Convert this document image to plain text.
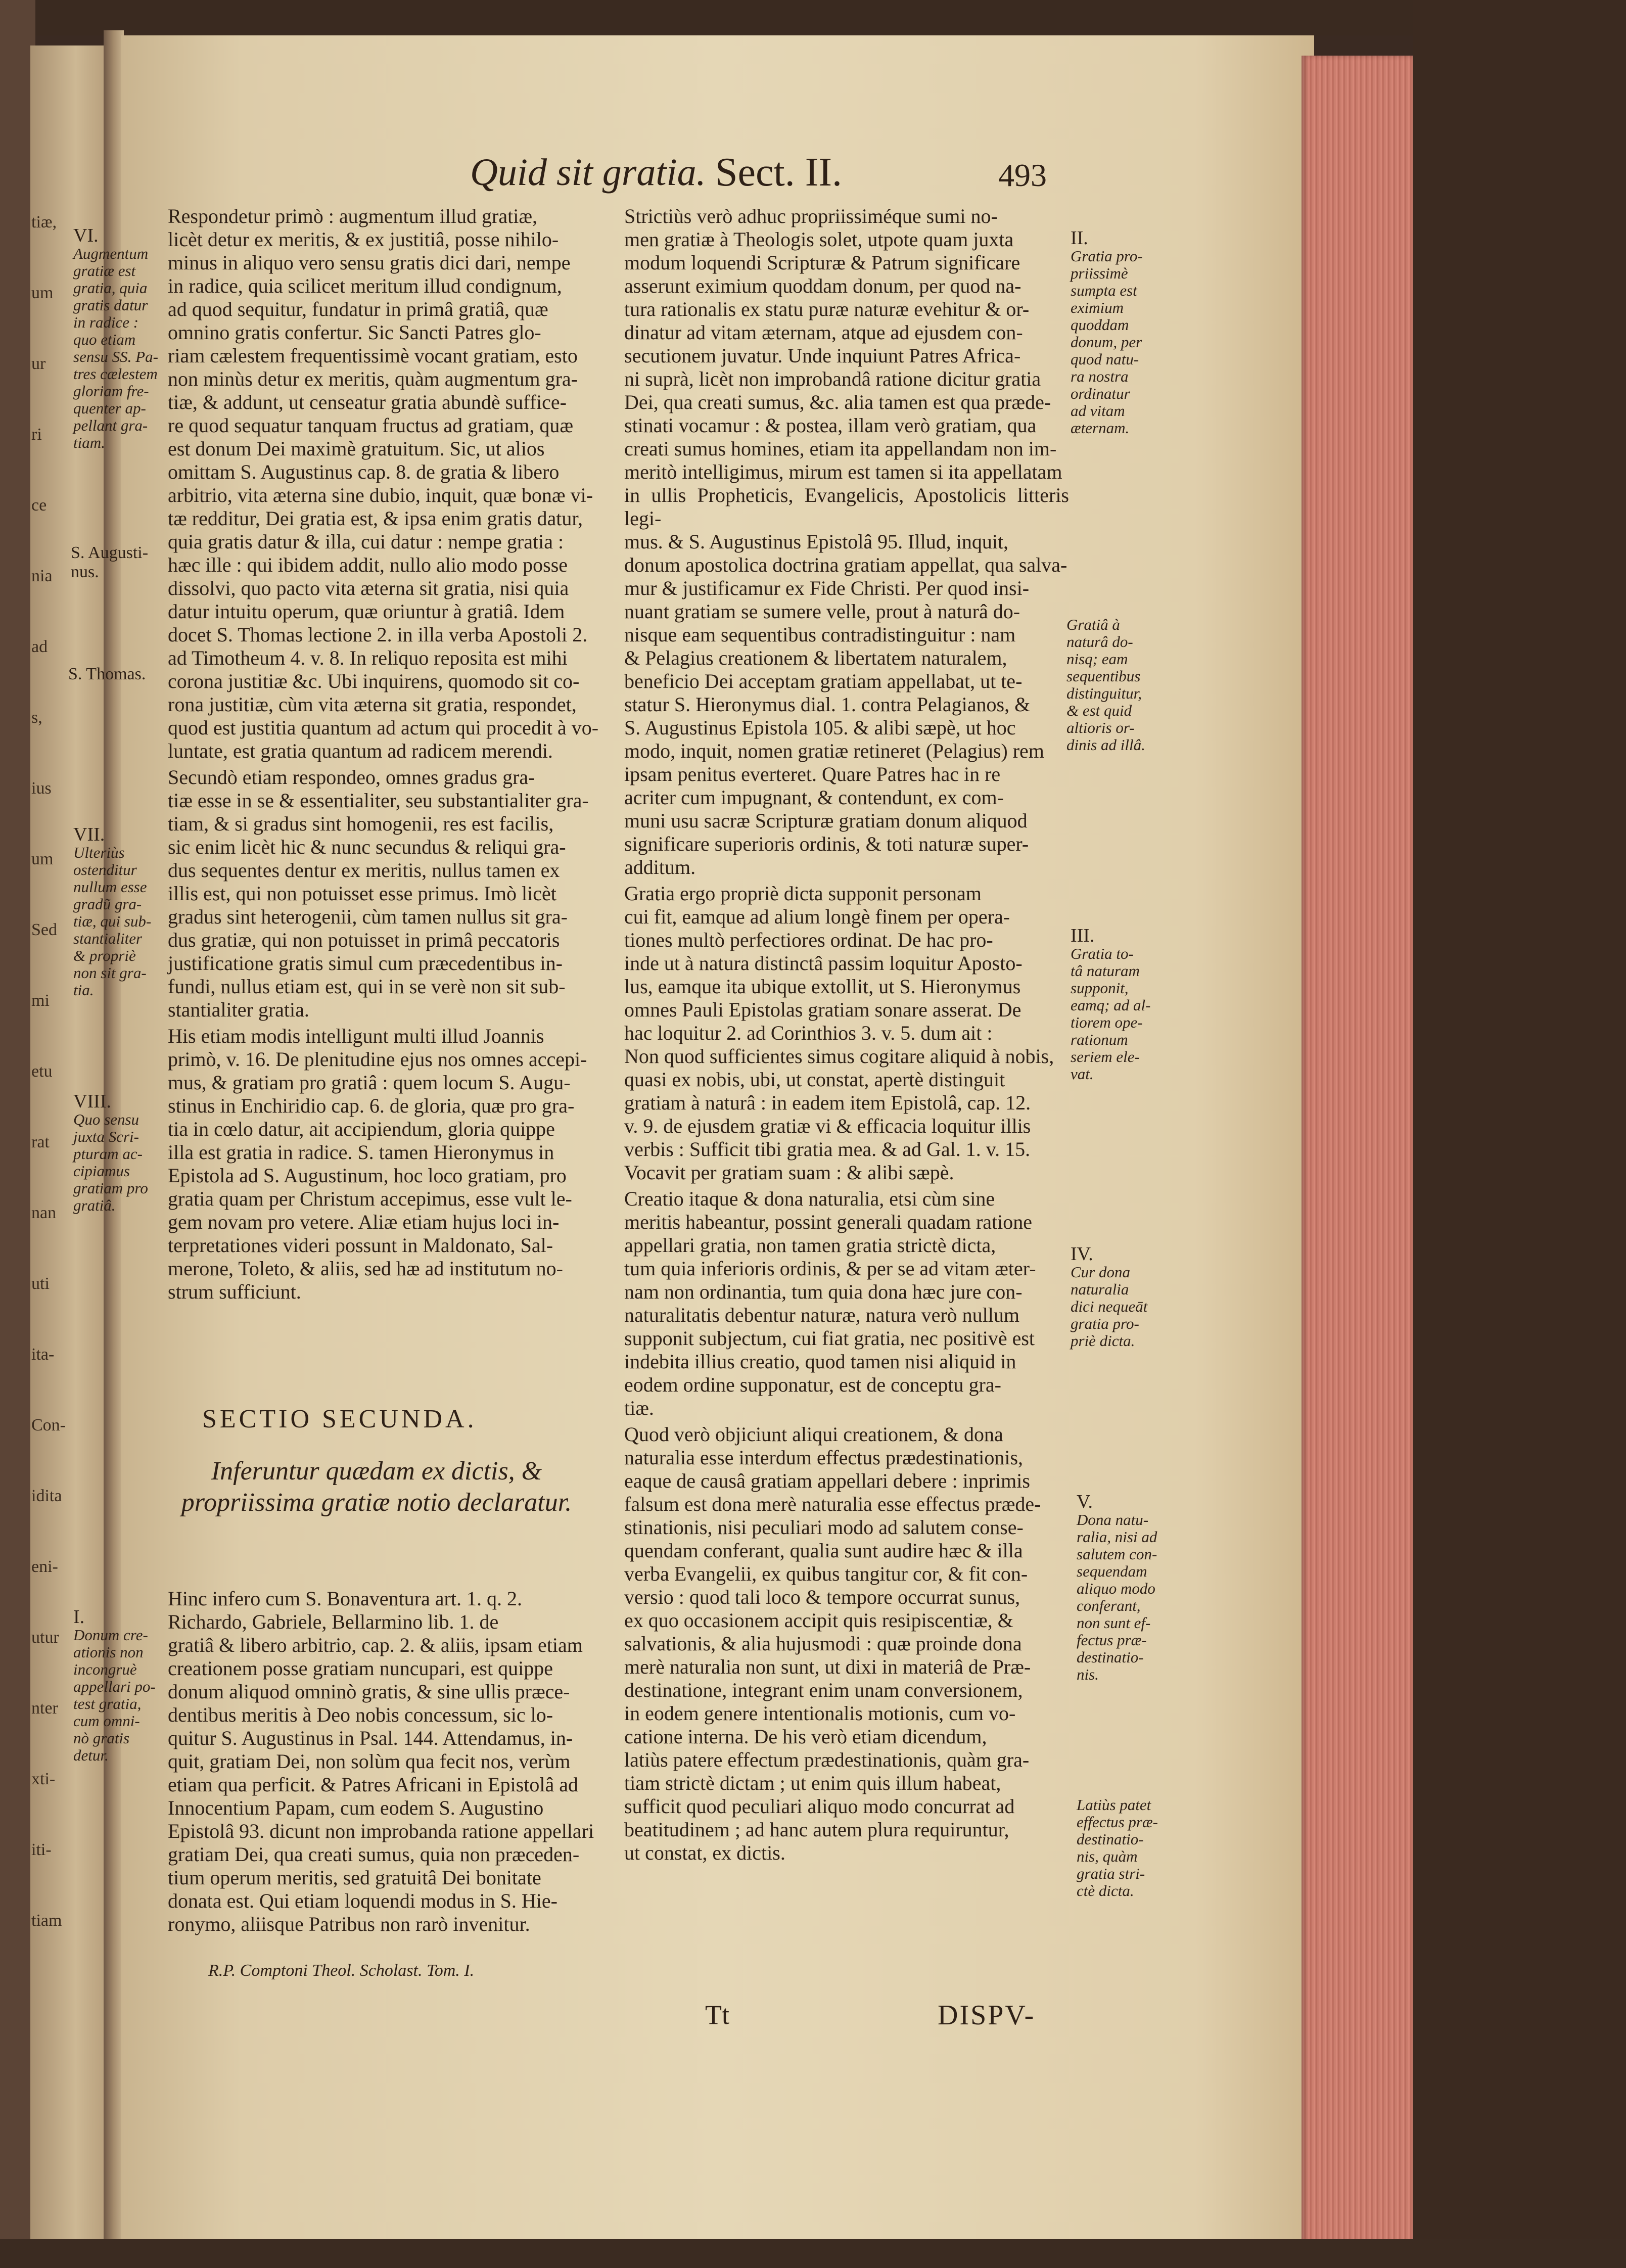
tiæ,
um
ur
ri
ce
nia
ad
s,
ius
um
Sed
mi
etu
rat
nan
uti
ita-
Con-
idita
eni-
utur
nter
xti-
iti-
tiam
Quid sit gratia. Sect. II.	493

Respondetur primò : augmentum illud gratiæ,
licèt detur ex meritis, & ex justitiâ, posse nihilo-
minus in aliquo vero sensu gratis dici dari, nempe
in radice, quia scilicet meritum illud condignum,
ad quod sequitur, fundatur in primâ gratiâ, quæ
omnino gratis confertur. Sic Sancti Patres glo-
riam cælestem frequentissimè vocant gratiam, esto
non minùs detur ex meritis, quàm augmentum gra-
tiæ, & addunt, ut censeatur gratia abundè suffice-
re quod sequatur tanquam fructus ad gratiam, quæ
est donum Dei maximè gratuitum. Sic, ut alios
omittam S. Augustinus cap. 8. de gratia & libero
arbitrio, vita æterna sine dubio, inquit, quæ bonæ vi-
tæ redditur, Dei gratia est, & ipsa enim gratis datur,
quia gratis datur & illa, cui datur : nempe gratia :
hæc ille : qui ibidem addit, nullo alio modo posse
dissolvi, quo pacto vita æterna sit gratia, nisi quia
datur intuitu operum, quæ oriuntur à gratiâ. Idem
docet S. Thomas lectione 2. in illa verba Apostoli 2.
ad Timotheum 4. v. 8. In reliquo reposita est mihi
corona justitiæ &c. Ubi inquirens, quomodo sit co-
rona justitiæ, cùm vita æterna sit gratia, respondet,
quod est justitia quantum ad actum qui procedit à vo-
luntate, est gratia quantum ad radicem merendi.

Secundò etiam respondeo, omnes gradus gra-
tiæ esse in se & essentialiter, seu substantialiter gra-
tiam, & si gradus sint homogenii, res est facilis,
sic enim licèt hic & nunc secundus & reliqui gra-
dus sequentes dentur ex meritis, nullus tamen ex
illis est, qui non potuisset esse primus. Imò licèt
gradus sint heterogenii, cùm tamen nullus sit gra-
dus gratiæ, qui non potuisset in primâ peccatoris
justificatione gratis simul cum præcedentibus in-
fundi, nullus etiam est, qui in se verè non sit sub-
stantialiter gratia.

His etiam modis intelligunt multi illud Joannis
primò, v. 16. De plenitudine ejus nos omnes accepi-
mus, & gratiam pro gratiâ : quem locum S. Augu-
stinus in Enchiridio cap. 6. de gloria, quæ pro gra-
tia in cœlo datur, ait accipiendum, gloria quippe
illa est gratia in radice. S. tamen Hieronymus in
Epistola ad S. Augustinum, hoc loco gratiam, pro
gratia quam per Christum accepimus, esse vult le-
gem novam pro vetere. Aliæ etiam hujus loci in-
terpretationes videri possunt in Maldonato, Sal-
merone, Toleto, & aliis, sed hæ ad institutum no-
strum sufficiunt.

SECTIO SECUNDA.
Inferuntur quædam ex dictis, & propriissima gratiæ notio declaratur.

Hinc infero cum S. Bonaventura art. 1. q. 2.
Richardo, Gabriele, Bellarmino lib. 1. de
gratiâ & libero arbitrio, cap. 2. & aliis, ipsam etiam
creationem posse gratiam nuncupari, est quippe
donum aliquod omninò gratis, & sine ullis præce-
dentibus meritis à Deo nobis concessum, sic lo-
quitur S. Augustinus in Psal. 144. Attendamus, in-
quit, gratiam Dei, non solùm qua fecit nos, verùm
etiam qua perficit. & Patres Africani in Epistolâ ad
Innocentium Papam, cum eodem S. Augustino
Epistolâ 93. dicunt non improbanda ratione appellari
gratiam Dei, qua creati sumus, quia non præceden-
tium operum meritis, sed gratuitâ Dei bonitate
donata est. Qui etiam loquendi modus in S. Hie-
ronymo, aliisque Patribus non rarò invenitur.

R.P. Comptoni Theol. Scholast. Tom. I.

Strictiùs verò adhuc propriissiméque sumi no-
men gratiæ à Theologis solet, utpote quam juxta
modum loquendi Scripturæ & Patrum significare
asserunt eximium quoddam donum, per quod na-
tura rationalis ex statu puræ naturæ evehitur & or-
dinatur ad vitam æternam, atque ad ejusdem con-
secutionem juvatur. Unde inquiunt Patres Africa-
ni suprà, licèt non improbandâ ratione dicitur gratia
Dei, qua creati sumus, &c. alia tamen est qua præde-
stinati vocamur : & postea, illam verò gratiam, qua
creati sumus homines, etiam ita appellandam non im-
meritò intelligimus, mirum est tamen si ita appellatam
in ullis Propheticis, Evangelicis, Apostolicis litteris legi-
mus. & S. Augustinus Epistolâ 95. Illud, inquit,
donum apostolica doctrina gratiam appellat, qua salva-
mur & justificamur ex Fide Christi. Per quod insi-
nuant gratiam se sumere velle, prout à naturâ do-
nisque eam sequentibus contradistinguitur : nam
& Pelagius creationem & libertatem naturalem,
beneficio Dei acceptam gratiam appellabat, ut te-
statur S. Hieronymus dial. 1. contra Pelagianos, &
S. Augustinus Epistola 105. & alibi sæpè, ut hoc
modo, inquit, nomen gratiæ retineret (Pelagius) rem
ipsam penitus everteret. Quare Patres hac in re
acriter cum impugnant, & contendunt, ex com-
muni usu sacræ Scripturæ gratiam donum aliquod
significare superioris ordinis, & toti naturæ super-
additum.

Gratia ergo propriè dicta supponit personam
cui fit, eamque ad alium longè finem per opera-
tiones multò perfectiores ordinat. De hac pro-
inde ut à natura distinctâ passim loquitur Aposto-
lus, eamque ita ubique extollit, ut S. Hieronymus
omnes Pauli Epistolas gratiam sonare asserat. De
hac loquitur 2. ad Corinthios 3. v. 5. dum ait :
Non quod sufficientes simus cogitare aliquid à nobis,
quasi ex nobis, ubi, ut constat, apertè distinguit
gratiam à naturâ : in eadem item Epistolâ, cap. 12.
v. 9. de ejusdem gratiæ vi & efficacia loquitur illis
verbis : Sufficit tibi gratia mea. & ad Gal. 1. v. 15.
Vocavit per gratiam suam : & alibi sæpè.

Creatio itaque & dona naturalia, etsi cùm sine
meritis habeantur, possint generali quadam ratione
appellari gratia, non tamen gratia strictè dicta,
tum quia inferioris ordinis, & per se ad vitam æter-
nam non ordinantia, tum quia dona hæc jure con-
naturalitatis debentur naturæ, natura verò nullum
supponit subjectum, cui fiat gratia, nec positivè est
indebita illius creatio, quod tamen nisi aliquid in
eodem ordine supponatur, est de conceptu gra-
tiæ.

Quod verò objiciunt aliqui creationem, & dona
naturalia esse interdum effectus prædestinationis,
eaque de causâ gratiam appellari debere : inprimis
falsum est dona merè naturalia esse effectus præde-
stinationis, nisi peculiari modo ad salutem conse-
quendam conferant, qualia sunt audire hæc & illa
verba Evangelii, ex quibus tangitur cor, & fit con-
versio : quod tali loco & tempore occurrat sunus,
ex quo occasionem accipit quis resipiscentiæ, &
salvationis, & alia hujusmodi : quæ proinde dona
merè naturalia non sunt, ut dixi in materiâ de Præ-
destinatione, integrant enim unam conversionem,
in eodem genere intentionalis motionis, cum vo-
catione interna. De his verò etiam dicendum,
latiùs patere effectum prædestinationis, quàm gra-
tiam strictè dictam ; ut enim quis illum habeat,
sufficit quod peculiari aliquo modo concurrat ad
beatitudinem ; ad hanc autem plura requiruntur,
ut constat, ex dictis.

Tt	DISPV-

VI.
Augmentum
gratiæ est
gratia, quia
gratis datur
in radice :
quo etiam
sensu SS. Pa-
tres cælestem
gloriam fre-
quenter ap-
pellant gra-
tiam.

S. Augusti-
nus.
S. Thomas.

VII.
Ulteriùs
ostenditur
nullum esse
gradũ gra-
tiæ, qui sub-
stantialiter
& propriè
non sit gra-
tia.

VIII.
Quo sensu
juxta Scri-
pturam ac-
cipiamus
gratiam pro
gratiâ.

I.
Donum cre-
ationis non
incongruè
appellari po-
test gratia,
cum omni-
nò gratis
detur.

II.
Gratia pro-
priissimè
sumpta est
eximium
quoddam
donum, per
quod natu-
ra nostra
ordinatur
ad vitam
æternam.

Gratiâ à
naturâ do-
nisq; eam
sequentibus
distinguitur,
& est quid
altioris or-
dinis ad illâ.

III.
Gratia to-
tâ naturam
supponit,
eamq; ad al-
tiorem ope-
rationum
seriem ele-
vat.

IV.
Cur dona
naturalia
dici nequeāt
gratia pro-
priè dicta.

V.
Dona natu-
ralia, nisi ad
salutem con-
sequendam
aliquo modo
conferant,
non sunt ef-
fectus præ-
destinatio-
nis.

Latiùs patet
effectus præ-
destinatio-
nis, quàm
gratia stri-
ctè dicta.
